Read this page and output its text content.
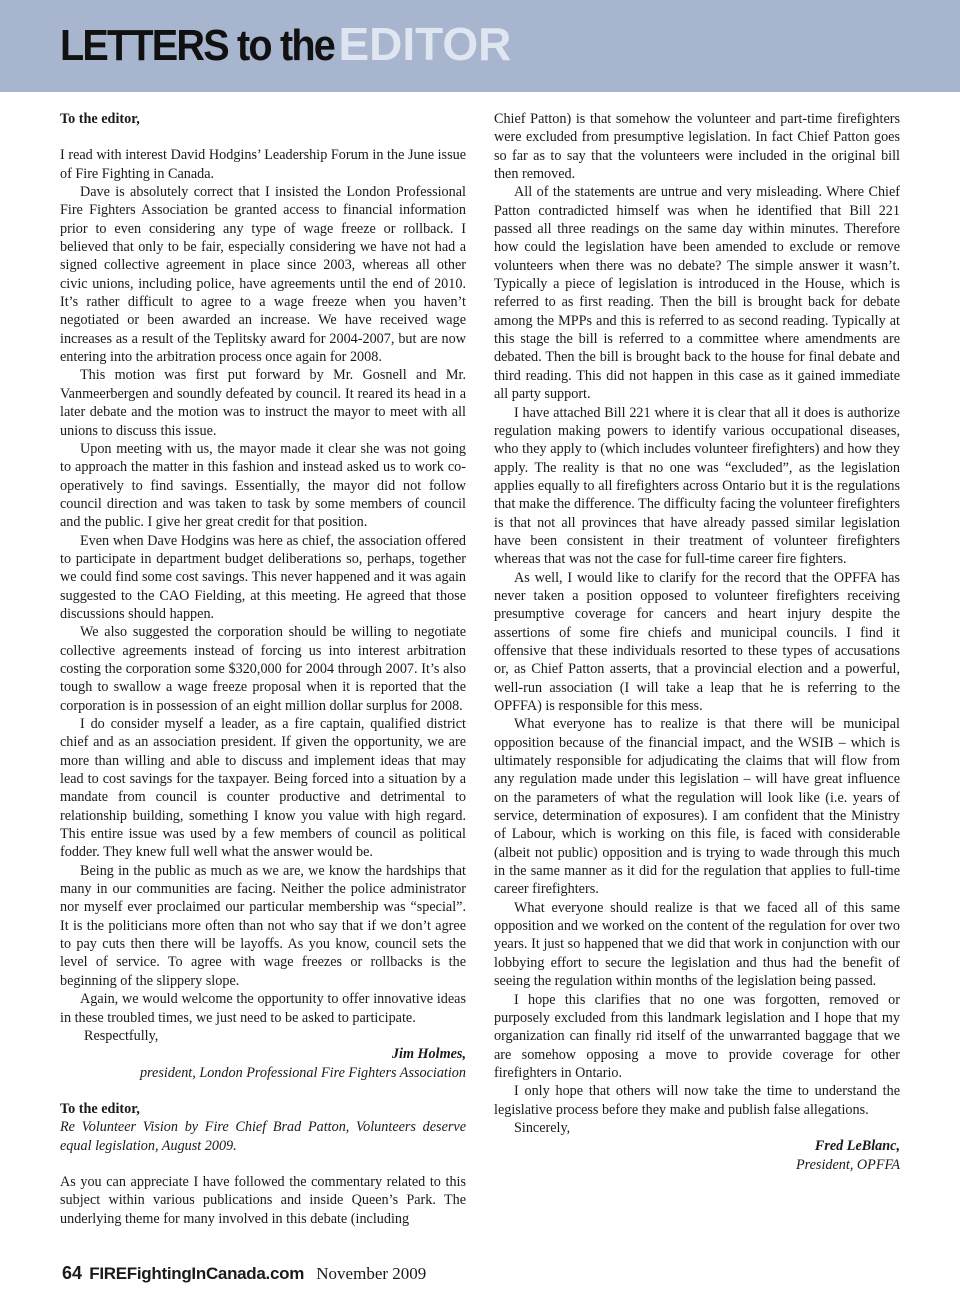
LETTERS to theEDITOR

To the editor,

I read with interest David Hodgins’ Leadership Forum in the June issue of Fire Fighting in Canada.

Dave is absolutely correct that I insisted the London Professional Fire Fighters Association be granted access to financial information prior to even considering any type of wage freeze or rollback. I believed that only to be fair, especially considering we have not had a signed collective agreement in place since 2003, whereas all other civic unions, including police, have agreements until the end of 2010. It’s rather difficult to agree to a wage freeze when you haven’t negotiated or been awarded an increase. We have received wage increases as a result of the Teplitsky award for 2004-2007, but are now entering into the arbitration process once again for 2008.

This motion was first put forward by Mr. Gosnell and Mr. Vanmeerbergen and soundly defeated by council. It reared its head in a later debate and the motion was to instruct the mayor to meet with all unions to discuss this issue.

Upon meeting with us, the mayor made it clear she was not going to approach the matter in this fashion and instead asked us to work co-operatively to find savings. Essentially, the mayor did not follow council direction and was taken to task by some members of council and the public. I give her great credit for that position.

Even when Dave Hodgins was here as chief, the association offered to participate in department budget deliberations so, perhaps, together we could find some cost savings. This never happened and it was again suggested to the CAO Fielding, at this meeting. He agreed that those discussions should happen.

We also suggested the corporation should be willing to negotiate collective agreements instead of forcing us into interest arbitration costing the corporation some $320,000 for 2004 through 2007. It’s also tough to swallow a wage freeze proposal when it is reported that the corporation is in possession of an eight million dollar surplus for 2008.

I do consider myself a leader, as a fire captain, qualified district chief and as an association president. If given the opportunity, we are more than willing and able to discuss and implement ideas that may lead to cost savings for the taxpayer. Being forced into a situation by a mandate from council is counter productive and detrimental to relationship building, something I know you value with high regard. This entire issue was used by a few members of council as political fodder. They knew full well what the answer would be.

Being in the public as much as we are, we know the hardships that many in our communities are facing. Neither the police administrator nor myself ever proclaimed our particular membership was “special”. It is the politicians more often than not who say that if we don’t agree to pay cuts then there will be layoffs. As you know, council sets the level of service. To agree with wage freezes or rollbacks is the beginning of the slippery slope.

Again, we would welcome the opportunity to offer innovative ideas in these troubled times, we just need to be asked to participate.

Respectfully,

Jim Holmes,

president, London Professional Fire Fighters Association

To the editor,

Re Volunteer Vision by Fire Chief Brad Patton, Volunteers deserve equal legislation, August 2009.

As you can appreciate I have followed the commentary related to this subject within various publications and inside Queen’s Park. The underlying theme for many involved in this debate (including

Chief Patton) is that somehow the volunteer and part-time firefighters were excluded from presumptive legislation. In fact Chief Patton goes so far as to say that the volunteers were included in the original bill then removed.

All of the statements are untrue and very misleading. Where Chief Patton contradicted himself was when he identified that Bill 221 passed all three readings on the same day within minutes. Therefore how could the legislation have been amended to exclude or remove volunteers when there was no debate? The simple answer it wasn’t. Typically a piece of legislation is introduced in the House, which is referred to as first reading. Then the bill is brought back for debate among the MPPs and this is referred to as second reading. Typically at this stage the bill is referred to a committee where amendments are debated. Then the bill is brought back to the house for final debate and third reading. This did not happen in this case as it gained immediate all party support.

I have attached Bill 221 where it is clear that all it does is authorize regulation making powers to identify various occupational diseases, who they apply to (which includes volunteer firefighters) and how they apply. The reality is that no one was “excluded”, as the legislation applies equally to all firefighters across Ontario but it is the regulations that make the difference. The difficulty facing the volunteer firefighters is that not all provinces that have already passed similar legislation have been consistent in their treatment of volunteer firefighters whereas that was not the case for full-time career fire fighters.

As well, I would like to clarify for the record that the OPFFA has never taken a position opposed to volunteer firefighters receiving presumptive coverage for cancers and heart injury despite the assertions of some fire chiefs and municipal councils. I find it offensive that these individuals resorted to these types of accusations or, as Chief Patton asserts, that a provincial election and a powerful, well-run association (I will take a leap that he is referring to the OPFFA) is responsible for this mess.

What everyone has to realize is that there will be municipal opposition because of the financial impact, and the WSIB – which is ultimately responsible for adjudicating the claims that will flow from any regulation made under this legislation – will have great influence on the parameters of what the regulation will look like (i.e. years of service, determination of exposures). I am confident that the Ministry of Labour, which is working on this file, is faced with considerable (albeit not public) opposition and is trying to wade through this much in the same manner as it did for the regulation that applies to full-time career firefighters.

What everyone should realize is that we faced all of this same opposition and we worked on the content of the regulation for over two years. It just so happened that we did that work in conjunction with our lobbying effort to secure the legislation and thus had the benefit of seeing the regulation within months of the legislation being passed.

I hope this clarifies that no one was forgotten, removed or purposely excluded from this landmark legislation and I hope that my organization can finally rid itself of the unwarranted baggage that we are somehow opposing a move to provide coverage for other firefighters in Ontario.

I only hope that others will now take the time to understand the legislative process before they make and publish false allegations.

Sincerely,

Fred LeBlanc,

President, OPFFA

64 FIREFightingInCanada.com November 2009
